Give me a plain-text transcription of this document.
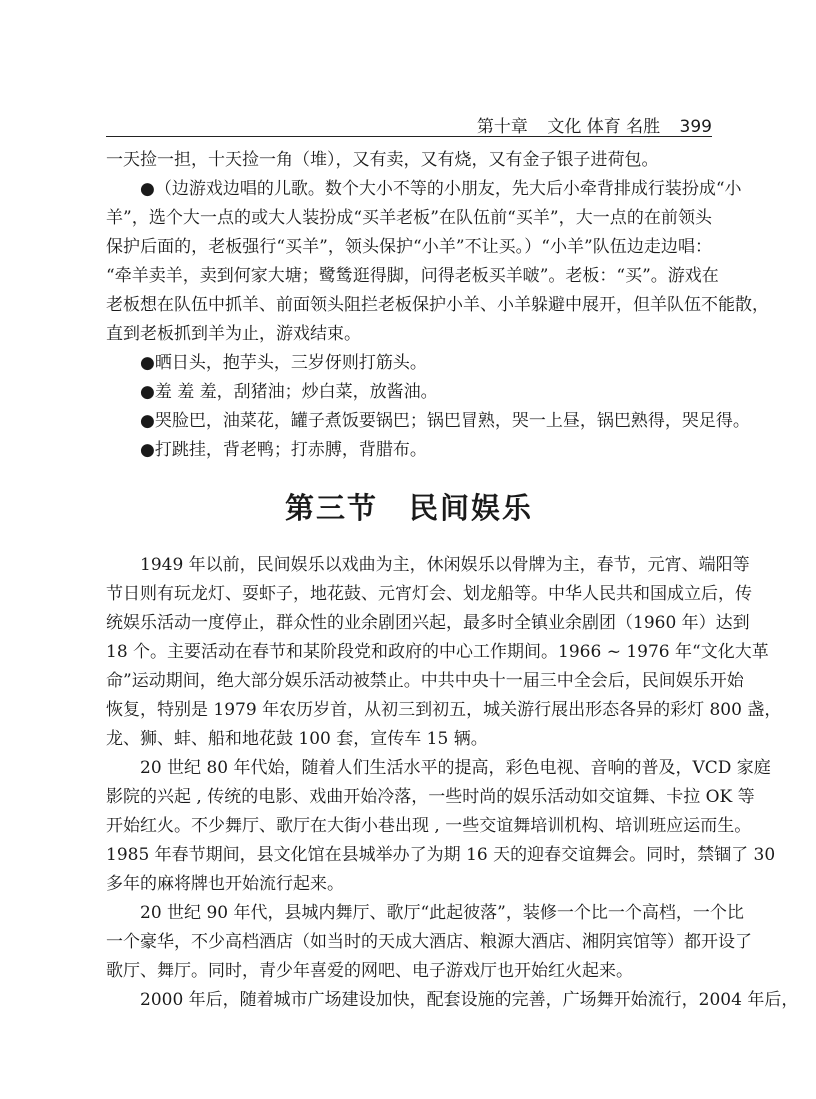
第十章 文化 体育 名胜 399
一天捡一担，十天捡一角（堆），又有卖，又有烧，又有金子银子进荷包。
●（边游戏边唱的儿歌。数个大小不等的小朋友，先大后小牵背排成行装扮成“小
羊”，选个大一点的或大人装扮成“买羊老板”在队伍前“买羊”，大一点的在前领头
保护后面的，老板强行“买羊”，领头保护“小羊”不让买。）“小羊”队伍边走边唱：
“牵羊卖羊，卖到何家大塘；鹭鸶逛得脚，问得老板买羊啵”。老板：“买”。游戏在
老板想在队伍中抓羊、前面领头阻拦老板保护小羊、小羊躲避中展开，但羊队伍不能散，
直到老板抓到羊为止，游戏结束。
●晒日头，抱芋头，三岁伢则打筋头。
●羞 羞 羞，刮猪油；炒白菜，放酱油。
●哭脸巴，油菜花，罐子煮饭要锅巴；锅巴冒熟，哭一上昼，锅巴熟得，哭足得。
●打跳挂，背老鸭；打赤膊，背腊布。
第三节　民间娱乐
1949 年以前，民间娱乐以戏曲为主，休闲娱乐以骨牌为主，春节，元宵、端阳等
节日则有玩龙灯、耍虾子，地花鼓、元宵灯会、划龙船等。中华人民共和国成立后，传
统娱乐活动一度停止，群众性的业余剧团兴起，最多时全镇业余剧团（1960 年）达到
18 个。主要活动在春节和某阶段党和政府的中心工作期间。1966 ~ 1976 年“文化大革
命”运动期间，绝大部分娱乐活动被禁止。中共中央十一届三中全会后，民间娱乐开始
恢复，特别是 1979 年农历岁首，从初三到初五，城关游行展出形态各异的彩灯 800 盏，
龙、狮、蚌、船和地花鼓 100 套，宣传车 15 辆。
20 世纪 80 年代始，随着人们生活水平的提高，彩色电视、音响的普及，VCD 家庭
影院的兴起 , 传统的电影、戏曲开始冷落，一些时尚的娱乐活动如交谊舞、卡拉 OK 等
开始红火。不少舞厅、歌厅在大街小巷出现 , 一些交谊舞培训机构、培训班应运而生。
1985 年春节期间，县文化馆在县城举办了为期 16 天的迎春交谊舞会。同时，禁锢了 30
多年的麻将牌也开始流行起来。
20 世纪 90 年代，县城内舞厅、歌厅“此起彼落”，装修一个比一个高档，一个比
一个豪华，不少高档酒店（如当时的天成大酒店、粮源大酒店、湘阴宾馆等）都开设了
歌厅、舞厅。同时，青少年喜爱的网吧、电子游戏厅也开始红火起来。
2000 年后，随着城市广场建设加快，配套设施的完善，广场舞开始流行，2004 年后，
